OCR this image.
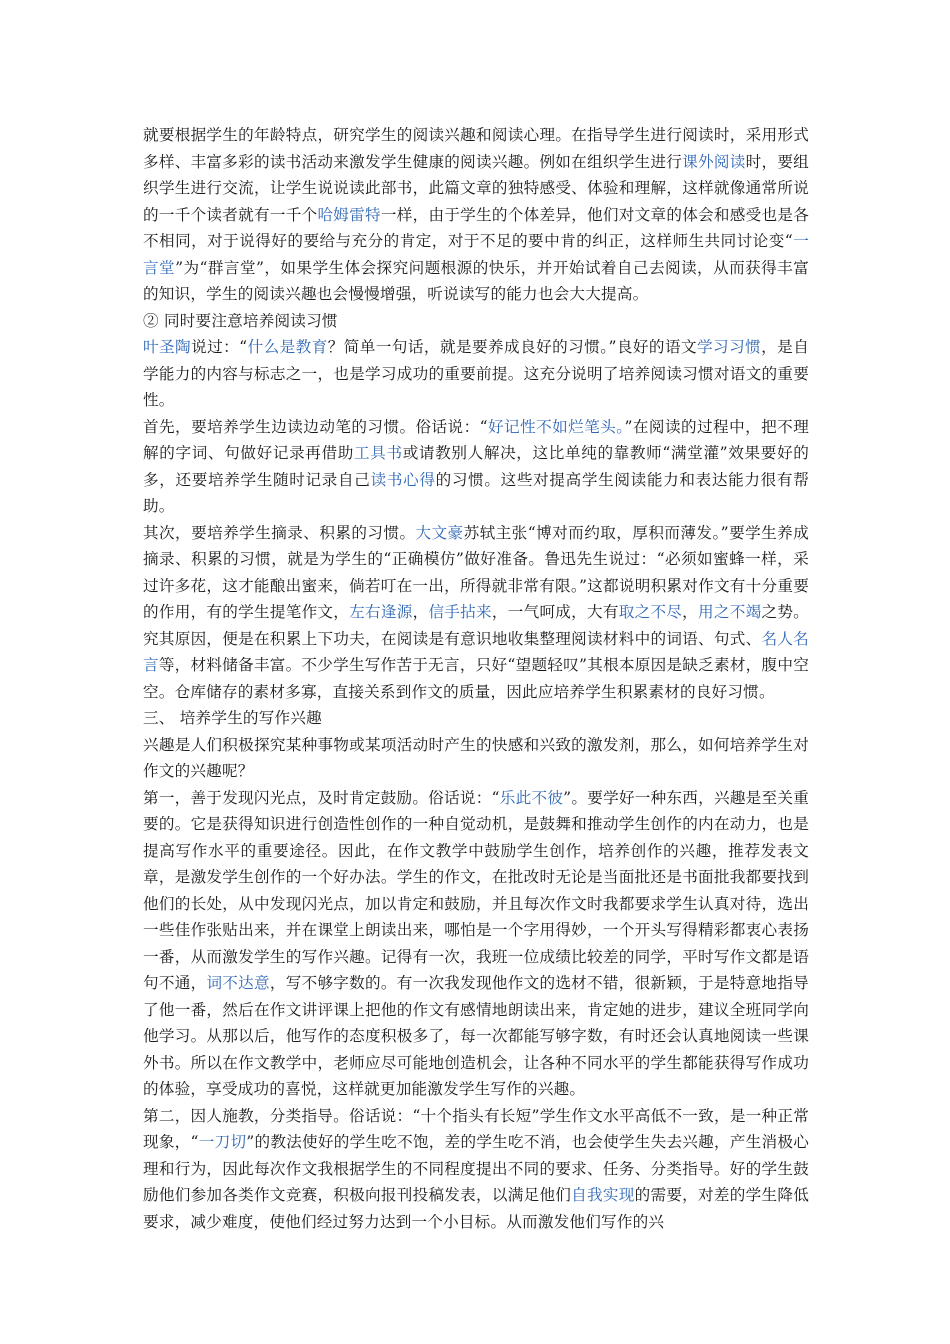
就要根据学生的年龄特点，研究学生的阅读兴趣和阅读心理。在指导学生进行阅读时，采用形式多样、丰富多彩的读书活动来激发学生健康的阅读兴趣。例如在组织学生进行课外阅读时，要组织学生进行交流，让学生说说读此部书，此篇文章的独特感受、体验和理解，这样就像通常所说的一千个读者就有一千个哈姆雷特一样，由于学生的个体差异，他们对文章的体会和感受也是各不相同，对于说得好的要给与充分的肯定，对于不足的要中肯的纠正，这样师生共同讨论变“一言堂”为“群言堂”，如果学生体会探究问题根源的快乐，并开始试着自己去阅读，从而获得丰富的知识，学生的阅读兴趣也会慢慢增强，听说读写的能力也会大大提高。

② 同时要注意培养阅读习惯

叶圣陶说过：“什么是教育？简单一句话，就是要养成良好的习惯。”良好的语文学习习惯，是自学能力的内容与标志之一，也是学习成功的重要前提。这充分说明了培养阅读习惯对语文的重要性。

首先，要培养学生边读边动笔的习惯。俗话说：“好记性不如烂笔头。”在阅读的过程中，把不理解的字词、句做好记录再借助工具书或请教别人解决，这比单纯的靠教师“满堂灌”效果要好的多，还要培养学生随时记录自己读书心得的习惯。这些对提高学生阅读能力和表达能力很有帮助。

其次，要培养学生摘录、积累的习惯。大文豪苏轼主张“博对而约取，厚积而薄发。”要学生养成摘录、积累的习惯，就是为学生的“正确模仿”做好准备。鲁迅先生说过：“必须如蜜蜂一样，采过许多花，这才能酿出蜜来，倘若叮在一出，所得就非常有限。”这都说明积累对作文有十分重要的作用，有的学生提笔作文，左右逢源，信手拈来，一气呵成，大有取之不尽，用之不竭之势。究其原因，便是在积累上下功夫，在阅读是有意识地收集整理阅读材料中的词语、句式、名人名言等，材料储备丰富。不少学生写作苦于无言，只好“望题轻叹”其根本原因是缺乏素材，腹中空空。仓库储存的素材多寡，直接关系到作文的质量，因此应培养学生积累素材的良好习惯。

三、 培养学生的写作兴趣

兴趣是人们积极探究某种事物或某项活动时产生的快感和兴致的激发剂，那么，如何培养学生对作文的兴趣呢？

第一，善于发现闪光点，及时肯定鼓励。俗话说：“乐此不彼”。要学好一种东西，兴趣是至关重要的。它是获得知识进行创造性创作的一种自觉动机，是鼓舞和推动学生创作的内在动力，也是提高写作水平的重要途径。因此，在作文教学中鼓励学生创作，培养创作的兴趣，推荐发表文章，是激发学生创作的一个好办法。学生的作文，在批改时无论是当面批还是书面批我都要找到他们的长处，从中发现闪光点，加以肯定和鼓励，并且每次作文时我都要求学生认真对待，选出一些佳作张贴出来，并在课堂上朗读出来，哪怕是一个字用得妙，一个开头写得精彩都衷心表扬一番，从而激发学生的写作兴趣。记得有一次，我班一位成绩比较差的同学，平时写作文都是语句不通，词不达意，写不够字数的。有一次我发现他作文的选材不错，很新颖，于是特意地指导了他一番，然后在作文讲评课上把他的作文有感情地朗读出来，肯定她的进步，建议全班同学向他学习。从那以后，他写作的态度积极多了，每一次都能写够字数，有时还会认真地阅读一些课外书。所以在作文教学中，老师应尽可能地创造机会，让各种不同水平的学生都能获得写作成功的体验，享受成功的喜悦，这样就更加能激发学生写作的兴趣。

第二，因人施教，分类指导。俗话说：“十个指头有长短”学生作文水平高低不一致，是一种正常现象，“一刀切”的教法使好的学生吃不饱，差的学生吃不消，也会使学生失去兴趣，产生消极心理和行为，因此每次作文我根据学生的不同程度提出不同的要求、任务、分类指导。好的学生鼓励他们参加各类作文竞赛，积极向报刊投稿发表，以满足他们自我实现的需要，对差的学生降低要求，减少难度，使他们经过努力达到一个小目标。从而激发他们写作的兴
